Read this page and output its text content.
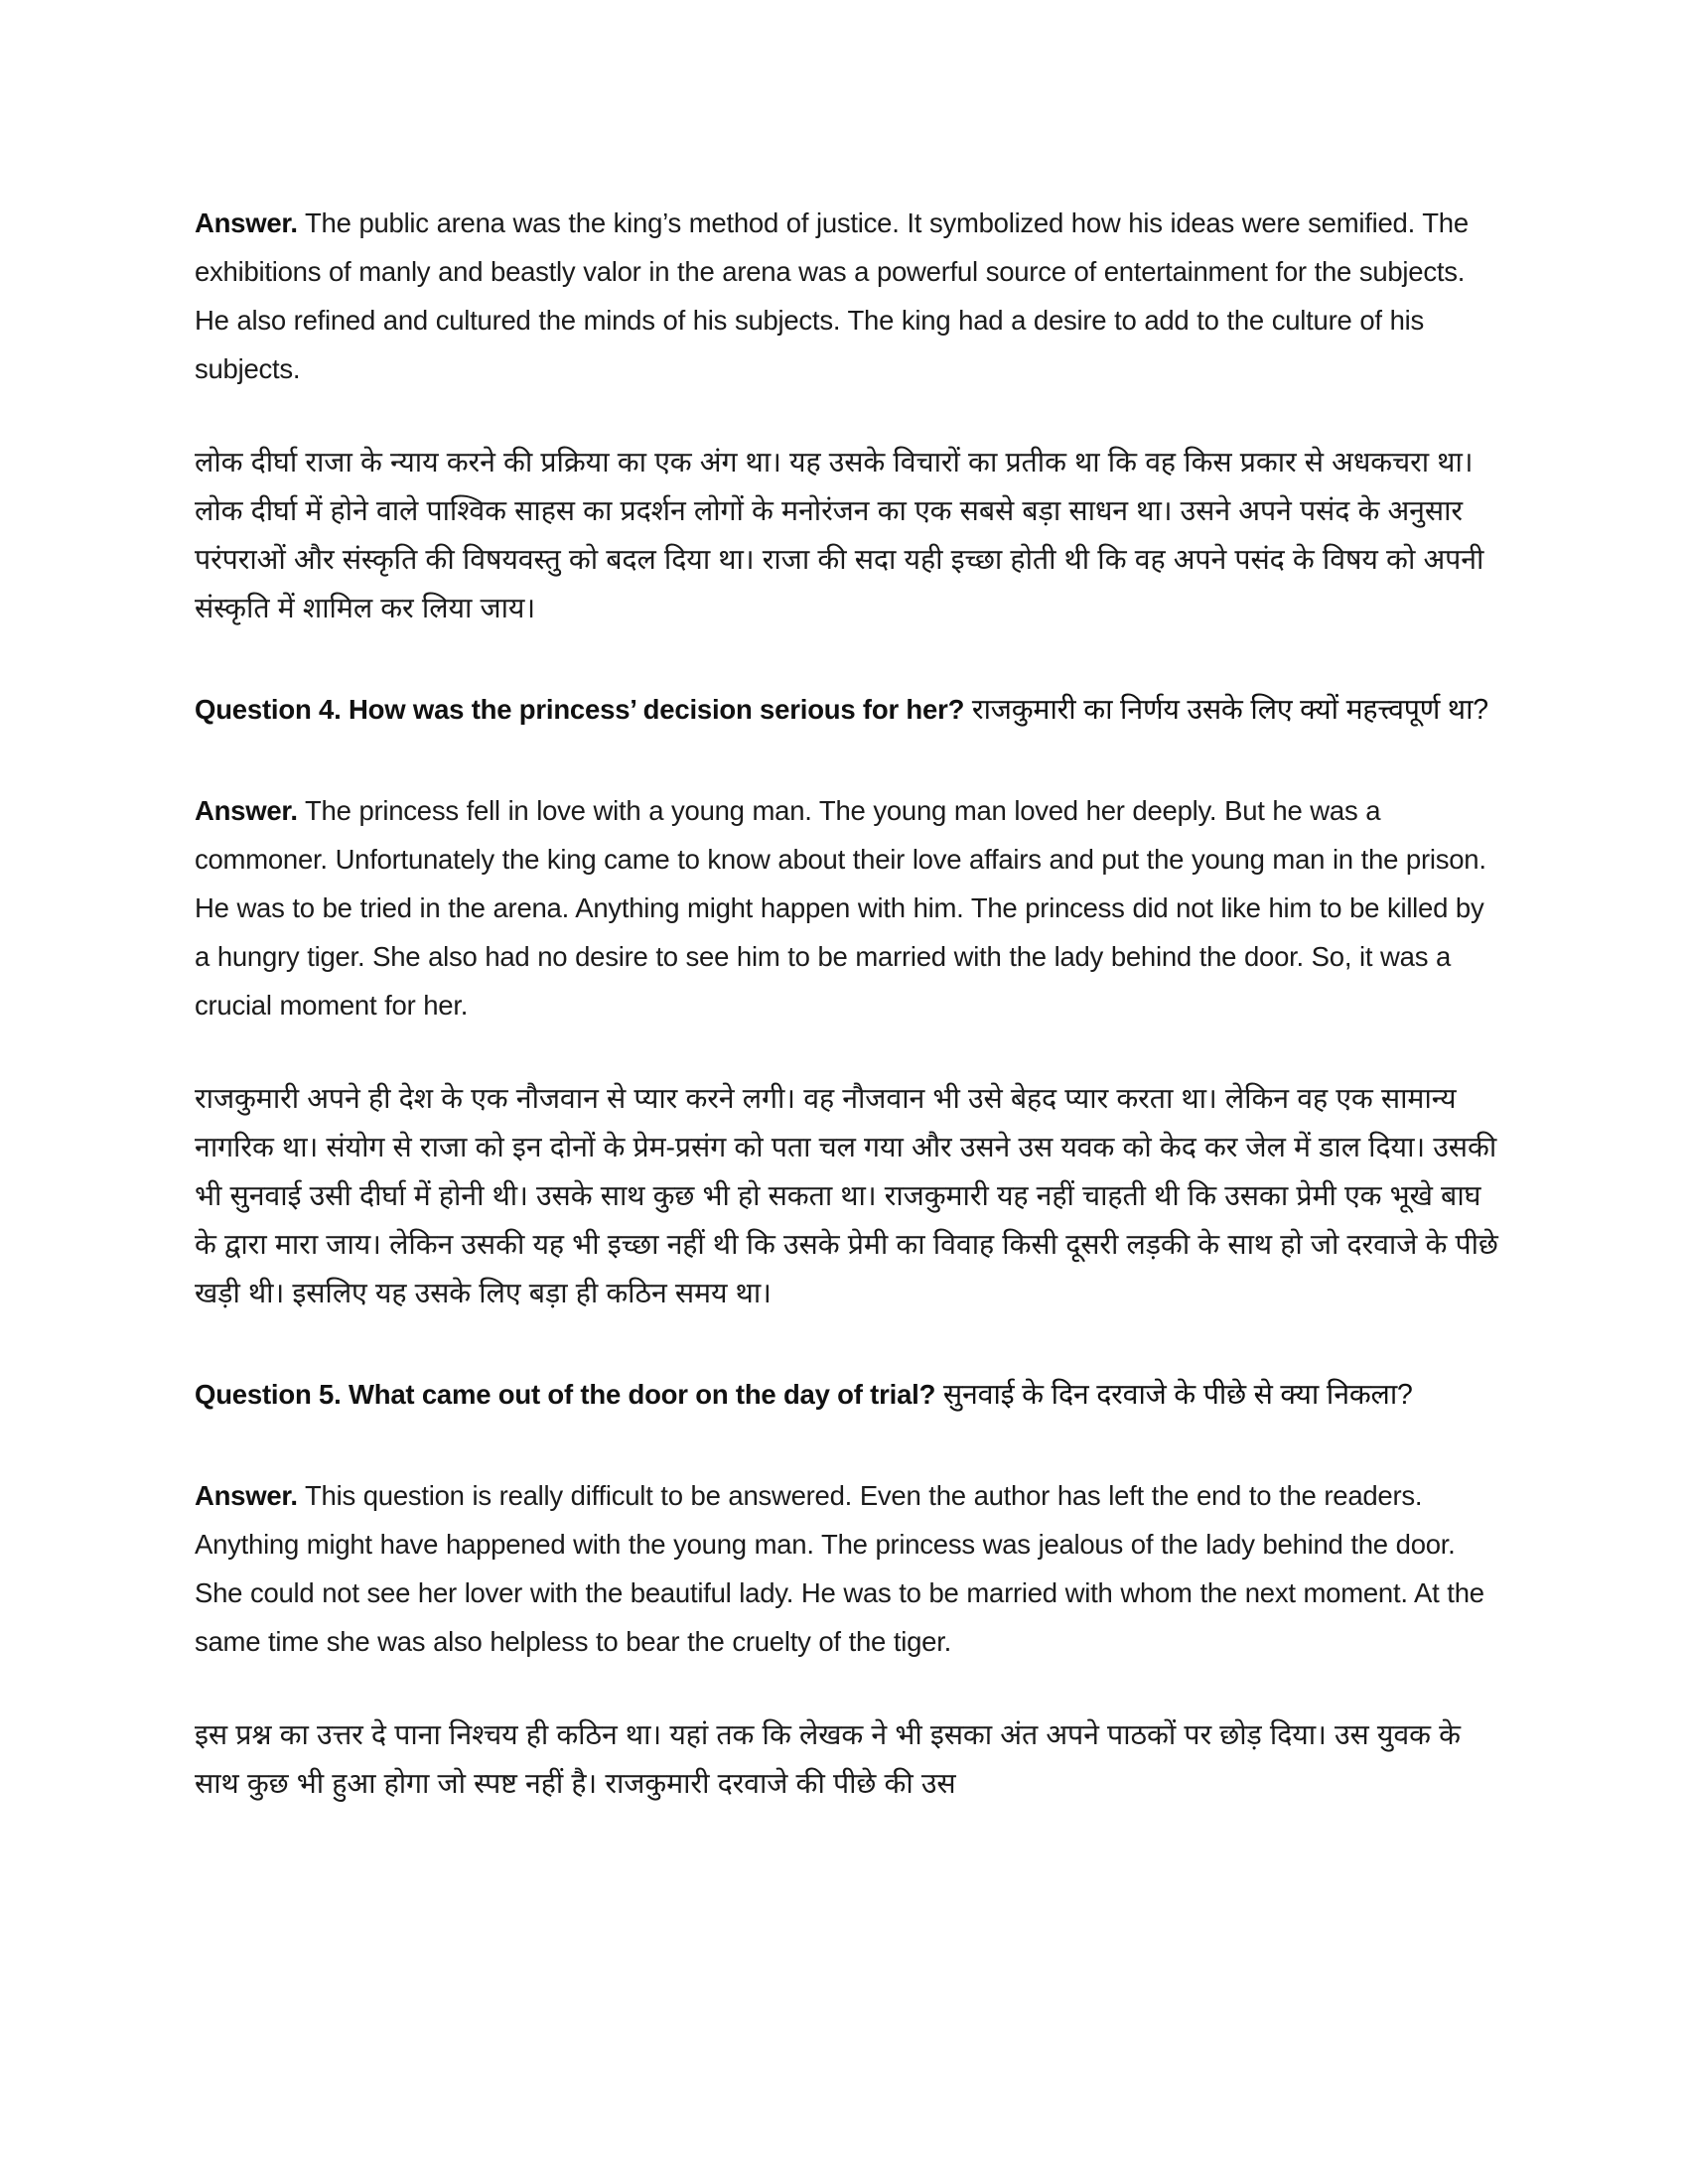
Answer. The public arena was the king’s method of justice. It symbolized how his ideas were semified. The exhibitions of manly and beastly valor in the arena was a powerful source of entertainment for the subjects. He also refined and cultured the minds of his subjects. The king had a desire to add to the culture of his subjects.

लोक दीर्घा राजा के न्याय करने की प्रक्रिया का एक अंग था। यह उसके विचारों का प्रतीक था कि वह किस प्रकार से अधकचरा था। लोक दीर्घा में होने वाले पाश्विक साहस का प्रदर्शन लोगों के मनोरंजन का एक सबसे बड़ा साधन था। उसने अपने पसंद के अनुसार परंपराओं और संस्कृति की विषयवस्तु को बदल दिया था। राजा की सदा यही इच्छा होती थी कि वह अपने पसंद के विषय को अपनी संस्कृति में शामिल कर लिया जाय।

Question 4. How was the princess’ decision serious for her? राजकुमारी का निर्णय उसके लिए क्यों महत्त्वपूर्ण था?

Answer. The princess fell in love with a young man. The young man loved her deeply. But he was a commoner. Unfortunately the king came to know about their love affairs and put the young man in the prison. He was to be tried in the arena. Anything might happen with him. The princess did not like him to be killed by a hungry tiger. She also had no desire to see him to be married with the lady behind the door. So, it was a crucial moment for her.

राजकुमारी अपने ही देश के एक नौजवान से प्यार करने लगी। वह नौजवान भी उसे बेहद प्यार करता था। लेकिन वह एक सामान्य नागरिक था। संयोग से राजा को इन दोनों के प्रेम-प्रसंग को पता चल गया और उसने उस यवक को केद कर जेल में डाल दिया। उसकी भी सुनवाई उसी दीर्घा में होनी थी। उसके साथ कुछ भी हो सकता था। राजकुमारी यह नहीं चाहती थी कि उसका प्रेमी एक भूखे बाघ के द्वारा मारा जाय। लेकिन उसकी यह भी इच्छा नहीं थी कि उसके प्रेमी का विवाह किसी दूसरी लड़की के साथ हो जो दरवाजे के पीछे खड़ी थी। इसलिए यह उसके लिए बड़ा ही कठिन समय था।

Question 5. What came out of the door on the day of trial? सुनवाई के दिन दरवाजे के पीछे से क्या निकला?

Answer. This question is really difficult to be answered. Even the author has left the end to the readers. Anything might have happened with the young man. The princess was jealous of the lady behind the door. She could not see her lover with the beautiful lady. He was to be married with whom the next moment. At the same time she was also helpless to bear the cruelty of the tiger.

इस प्रश्न का उत्तर दे पाना निश्चय ही कठिन था। यहां तक कि लेखक ने भी इसका अंत अपने पाठकों पर छोड़ दिया। उस युवक के साथ कुछ भी हुआ होगा जो स्पष्ट नहीं है। राजकुमारी दरवाजे की पीछे की उस
